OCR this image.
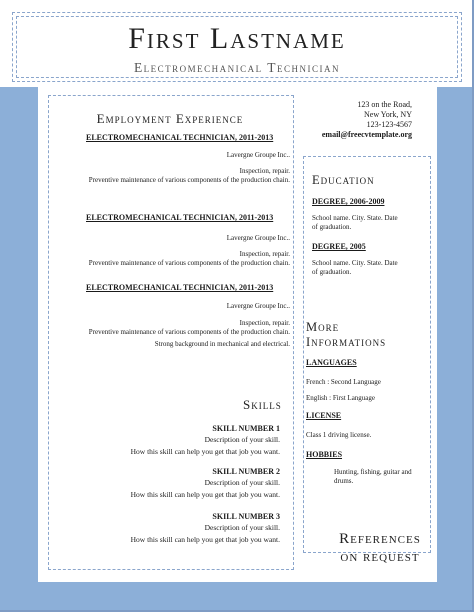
First Lastname
Electromechanical Technician
123 on the Road,
New York, NY
123-123-4567
email@freecvtemplate.org
Employment Experience
ELECTROMECHANICAL TECHNICIAN, 2011-2013
Lavergne Groupe Inc..
Inspection, repair.
Preventive maintenance of various components of the production chain.
ELECTROMECHANICAL TECHNICIAN, 2011-2013
Lavergne Groupe Inc..
Inspection, repair.
Preventive maintenance of various components of the production chain.
ELECTROMECHANICAL TECHNICIAN, 2011-2013
Lavergne Groupe Inc..
Inspection, repair.
Preventive maintenance of various components of the production chain.
Strong background in mechanical and electrical.
Skills
SKILL NUMBER 1
Description of your skill.
How this skill can help you get that job you want.
SKILL NUMBER 2
Description of your skill.
How this skill can help you get that job you want.
SKILL NUMBER 3
Description of your skill.
How this skill can help you get that job you want.
Education
DEGREE, 2006-2009
School name. City. State. Date
of graduation.
DEGREE, 2005
School name. City. State. Date
of graduation.
More
Informations
LANGUAGES
French : Second Language
English : First Language
LICENSE
Class 1 driving license.
HOBBIES
Hunting, fishing, guitar and
drums.
References
on request
